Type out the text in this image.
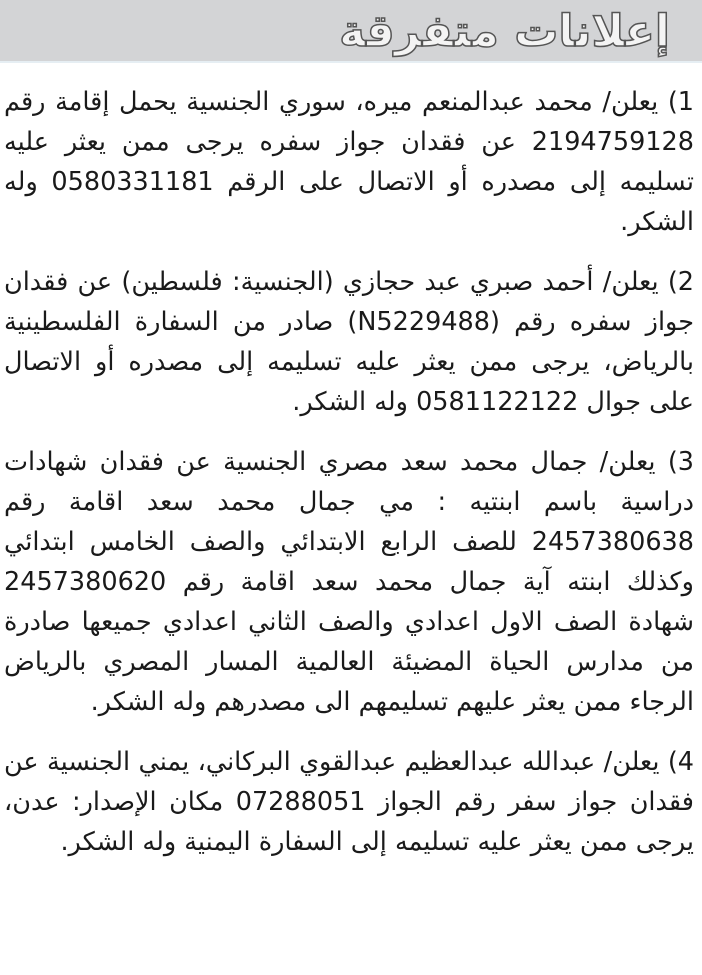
إعلانات متفرقة

1) يعلن/ محمد عبدالمنعم ميره، سوري الجنسية يحمل إقامة رقم 2194759128 عن فقدان جواز سفره يرجى ممن يعثر عليه تسليمه إلى مصدره أو الاتصال على الرقم 0580331181 وله الشكر.

2) يعلن/ أحمد صبري عبد حجازي (الجنسية: فلسطين) عن فقدان جواز سفره رقم (N5229488) صادر من السفارة الفلسطينية بالرياض، يرجى ممن يعثر عليه تسليمه إلى مصدره أو الاتصال على جوال 0581122122 وله الشكر.

3) يعلن/ جمال محمد سعد مصري الجنسية عن فقدان شهادات دراسية باسم ابنتيه : مي جمال محمد سعد اقامة رقم 2457380638 للصف الرابع الابتدائي والصف الخامس ابتدائي وكذلك ابنته آية جمال محمد سعد اقامة رقم 2457380620 شهادة الصف الاول اعدادي والصف الثاني اعدادي جميعها صادرة من مدارس الحياة المضيئة العالمية المسار المصري بالرياض الرجاء ممن يعثر عليهم تسليمهم الى مصدرهم وله الشكر.

4) يعلن/ عبدالله عبدالعظيم عبدالقوي البركاني، يمني الجنسية عن فقدان جواز سفر رقم الجواز 07288051 مكان الإصدار: عدن، يرجى ممن يعثر عليه تسليمه إلى السفارة اليمنية وله الشكر.
